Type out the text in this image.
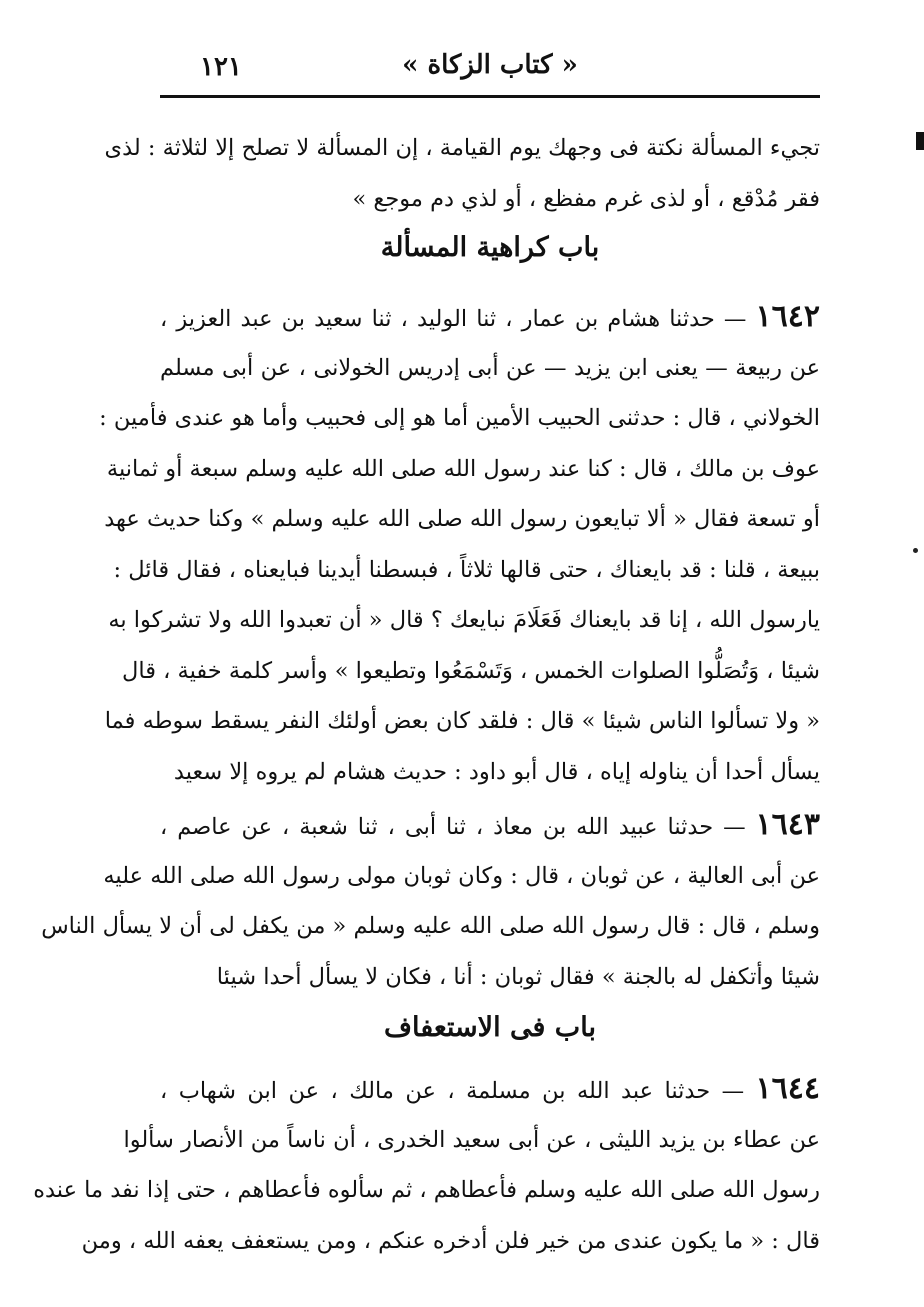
١٢١	« كتاب الزكاة »
تجيء المسألة نكتة فى وجهك يوم القيامة ، إن المسألة لا تصلح إلا لثلاثة : لذى
فقر مُدْقع ، أو لذى غرم مفظع ، أو لذي دم موجع »
باب كراهية المسألة
١٦٤٢ — حدثنا هشام بن عمار ، ثنا الوليد ، ثنا سعيد بن عبد العزيز ،
عن ربيعة — يعنى ابن يزيد — عن أبى إدريس الخولانى ، عن أبى مسلم
الخولاني ، قال : حدثنى الحبيب الأمين أما هو إلى فحبيب وأما هو عندى فأمين :
عوف بن مالك ، قال : كنا عند رسول الله صلى الله عليه وسلم سبعة أو ثمانية
أو تسعة فقال « ألا تبايعون رسول الله صلى الله عليه وسلم » وكنا حديث عهد
ببيعة ، قلنا : قد بايعناك ، حتى قالها ثلاثاً ، فبسطنا أيدينا فبايعناه ، فقال قائل :
يارسول الله ، إنا قد بايعناك فَعَلَامَ نبايعك ؟ قال « أن تعبدوا الله ولا تشركوا به
شيئا ، وَتُصَلُّوا الصلوات الخمس ، وَتَسْمَعُوا وتطيعوا » وأسر كلمة خفية ، قال
« ولا تسألوا الناس شيئا » قال : فلقد كان بعض أولئك النفر يسقط سوطه فما
يسأل أحدا أن يناوله إياه ، قال أبو داود : حديث هشام لم يروه إلا سعيد
١٦٤٣ — حدثنا عبيد الله بن معاذ ، ثنا أبى ، ثنا شعبة ، عن عاصم ،
عن أبى العالية ، عن ثوبان ، قال : وكان ثوبان مولى رسول الله صلى الله عليه
وسلم ، قال : قال رسول الله صلى الله عليه وسلم « من يكفل لى أن لا يسأل الناس
شيئا وأتكفل له بالجنة » فقال ثوبان : أنا ، فكان لا يسأل أحدا شيئا
باب فى الاستعفاف
١٦٤٤ — حدثنا عبد الله بن مسلمة ، عن مالك ، عن ابن شهاب ،
عن عطاء بن يزيد الليثى ، عن أبى سعيد الخدرى ، أن ناساً من الأنصار سألوا
رسول الله صلى الله عليه وسلم فأعطاهم ، ثم سألوه فأعطاهم ، حتى إذا نفد ما عنده
قال : « ما يكون عندى من خير فلن أدخره عنكم ، ومن يستعفف يعفه الله ، ومن
